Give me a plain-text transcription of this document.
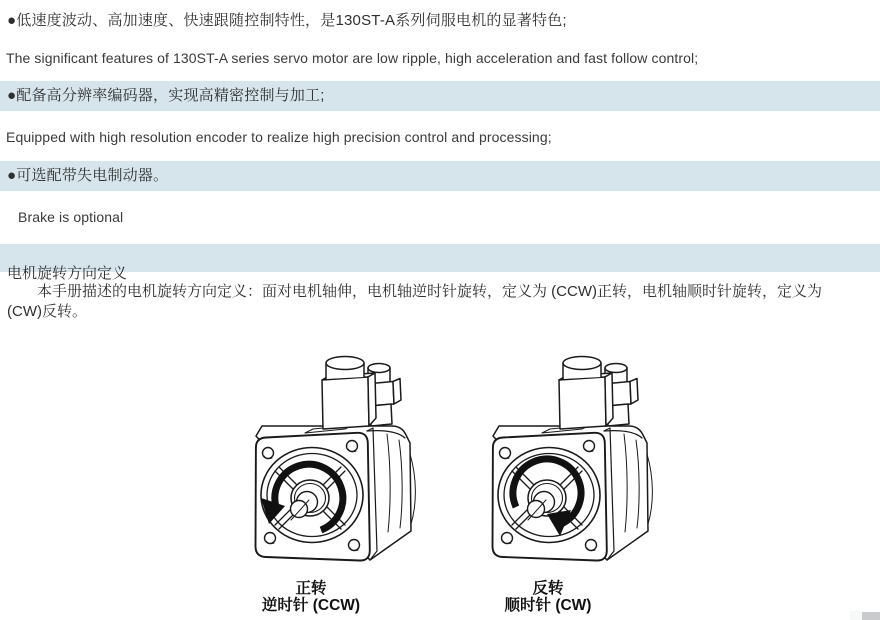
●低速度波动、高加速度、快速跟随控制特性，是130ST-A系列伺服电机的显著特色;
The significant features of 130ST-A series servo motor are low ripple, high acceleration and fast follow control;
●配备高分辨率编码器，实现高精密控制与加工;
Equipped with high resolution encoder to realize high precision control and processing;
●可选配带失电制动器。
Brake is optional
电机旋转方向定义
本手册描述的电机旋转方向定义：面对电机轴伸，电机轴逆时针旋转，定义为 (CCW)正转，电机轴顺时针旋转，定义为
(CW)反转。
正转
逆时针 (CCW)
反转
顺时针 (CW)
